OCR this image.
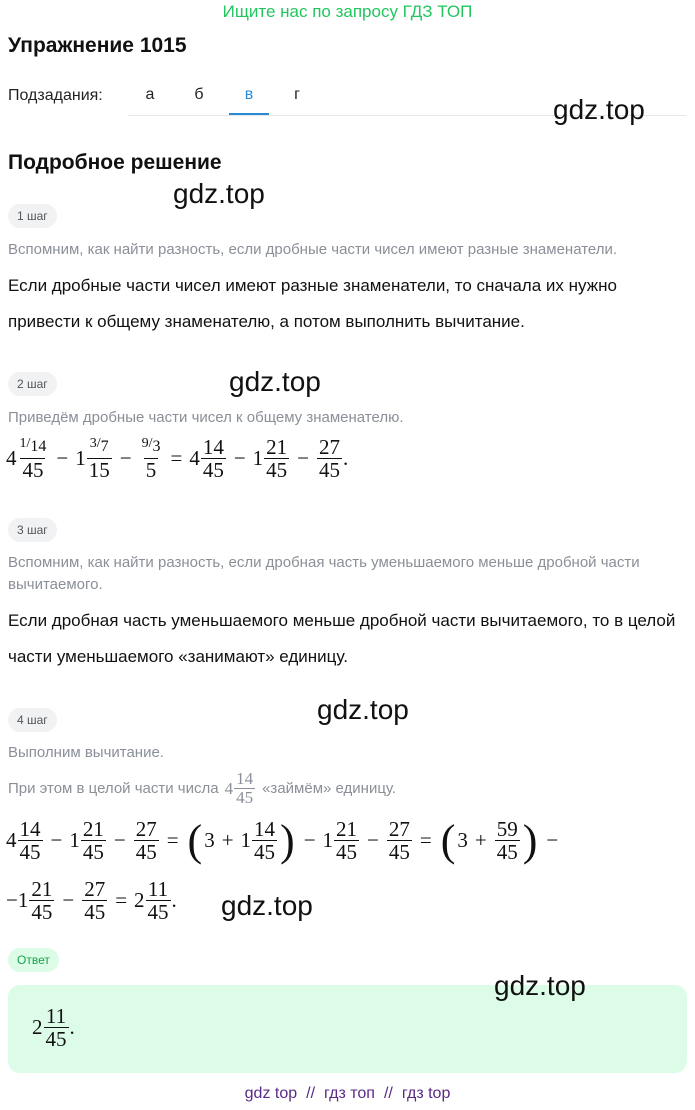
Ищите нас по запросу ГДЗ ТОП
Упражнение 1015
Подзадания:	а	б	в	г	gdz.top
gdz.top
gdz.top
gdz.top
gdz.top
gdz.top
Подробное решение
1 шаг
Вспомним, как найти разность, если дробные части чисел имеют разные знаменатели.
Если дробные части чисел имеют разные знаменатели, то сначала их нужно привести к общему знаменателю, а потом выполнить вычитание.
2 шаг
Приведём дробные части чисел к общему знаменателю.
$4 \frac{1/14}{45} - 1 \frac{3/7}{15} - \frac{9/3}{5} = 4 \frac{14}{45} - 1 \frac{21}{45} - \frac{27}{45}$ .
3 шаг
Вспомним, как найти разность, если дробная часть уменьшаемого меньше дробной части вычитаемого.
Если дробная часть уменьшаемого меньше дробной части вычитаемого, то в целой части уменьшаемого «занимают» единицу.
4 шаг
Выполним вычитание.
При этом в целой части числа $4 \frac{14}{45}$ «займём» единицу.
$4 \frac{14}{45} - 1 \frac{21}{45} - \frac{27}{45}$ = ( $3 + 1 \frac{14}{45}$ ) − $1 \frac{21}{45} - \frac{27}{45}$ = ( $3 + \frac{59}{45}$ ) −
− $1 \frac{21}{45} - \frac{27}{45} = 2 \frac{11}{45}$ .
Ответ
$2 \frac{11}{45}$ .
gdz top // гдз топ // гдз top
